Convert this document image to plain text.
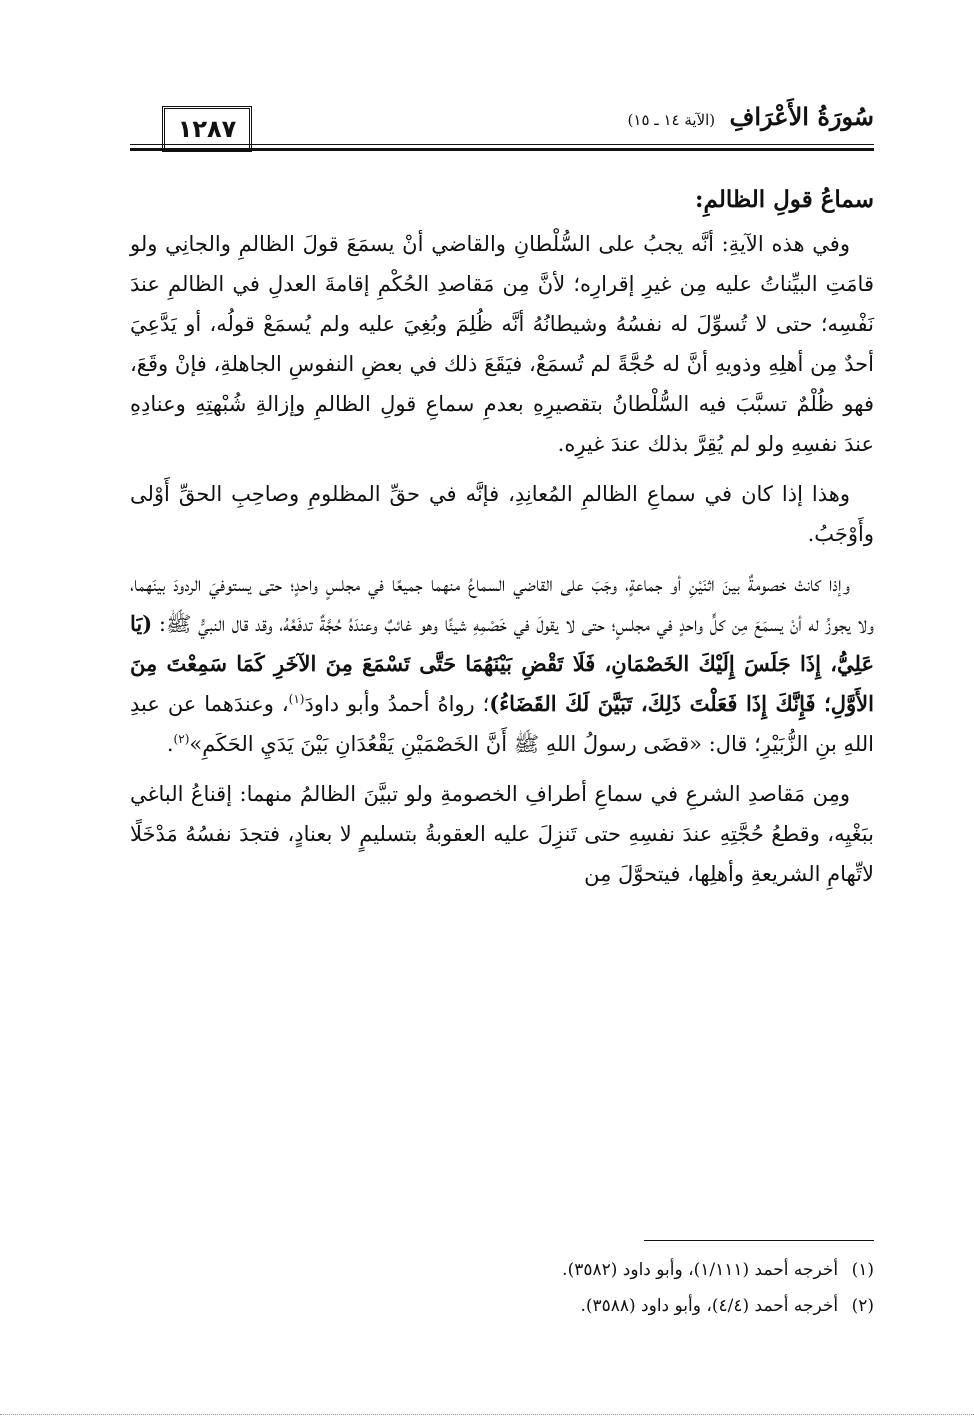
سُورَةُ الأَعْرَافِ (الآية ١٤ ـ ١٥)
١٢٨٧
سماعُ قولِ الظالمِ:

وفي هذه الآيةِ: أنَّه يجبُ على السُّلْطانِ والقاضي أنْ يسمَعَ قولَ الظالمِ والجانِي ولو قامَتِ البيِّناتُ عليه مِن غيرِ إقرارِه؛ لأنَّ مِن مَقاصدِ الحُكْمِ إقامةَ العدلِ في الظالمِ عندَ نَفْسِه؛ حتى لا تُسوِّلَ له نفسُهُ وشيطانُهُ أنَّه ظُلِمَ وبُغِيَ عليه ولم يُسمَعْ قولُه، أو يَدَّعِيَ أحدٌ مِن أهلِهِ وذويهِ أنَّ له حُجَّةً لم تُسمَعْ، فيَقَعَ ذلك في بعضِ النفوسِ الجاهلةِ، فإنْ وقَعَ، فهو ظُلْمٌ تسبَّبَ فيه السُّلْطانُ بتقصيرِهِ بعدمِ سماعِ قولِ الظالمِ وإزالةِ شُبْهتِهِ وعنادِهِ عندَ نفسِهِ ولو لم يُقِرَّ بذلك عندَ غيرِه.

وهذا إذا كان في سماعِ الظالمِ المُعانِدِ، فإنَّه في حقِّ المظلومِ وصاحِبِ الحقِّ أَوْلى وأَوْجَبُ.

وإذا كانتْ خصومةٌ بينَ اثنَيْنِ أو جماعةٍ، وجَبَ على القاضي السماعُ منهما جميعًا في مجلسٍ واحدٍ؛ حتى يستوفيَ الردودَ بينَهما، ولا يجوزُ له أنْ يسمَعَ مِن كلٍّ واحدٍ في مجلسٍ؛ حتى لا يقولَ في خَصْمِهِ شيئًا وهو غائبٌ وعندَهُ حُجَّةٌ تدفَعُهُ، وقد قال النبيُّ ﷺ: (يَا عَلِيُّ، إِذَا جَلَسَ إِلَيْكَ الخَصْمَانِ، فَلَا تَقْضِ بَيْنَهُمَا حَتَّى تَسْمَعَ مِنَ الآخَرِ كَمَا سَمِعْتَ مِنَ الأَوَّلِ؛ فَإِنَّكَ إِذَا فَعَلْتَ ذَلِكَ، تَبَيَّنَ لَكَ القَضَاءُ)؛ رواهُ أحمدُ وأبو داودَ$^{(١)}$، وعندَهما عن عبدِ اللهِ بنِ الزُّبَيْرِ؛ قال: «قضَى رسولُ اللهِ ﷺ أَنَّ الخَصْمَيْنِ يَقْعُدَانِ بَيْنَ يَدَيِ الحَكَمِ»$^{(٢)}$.

ومِن مَقاصدِ الشرعِ في سماعِ أطرافِ الخصومةِ ولو تبيَّنَ الظالمُ منهما: إقناعُ الباغي ببَغْيِه، وقطعُ حُجَّتِهِ عندَ نفسِهِ حتى تَنزِلَ عليه العقوبةُ بتسليمٍ لا بعنادٍ، فتجدَ نفسُهُ مَدْخَلًا لاتِّهامِ الشريعةِ وأهلِها، فيتحوَّلَ مِن

(١) أخرجه أحمد (١/١١١)، وأبو داود (٣٥٨٢).
(٢) أخرجه أحمد (٤/٤)، وأبو داود (٣٥٨٨).
